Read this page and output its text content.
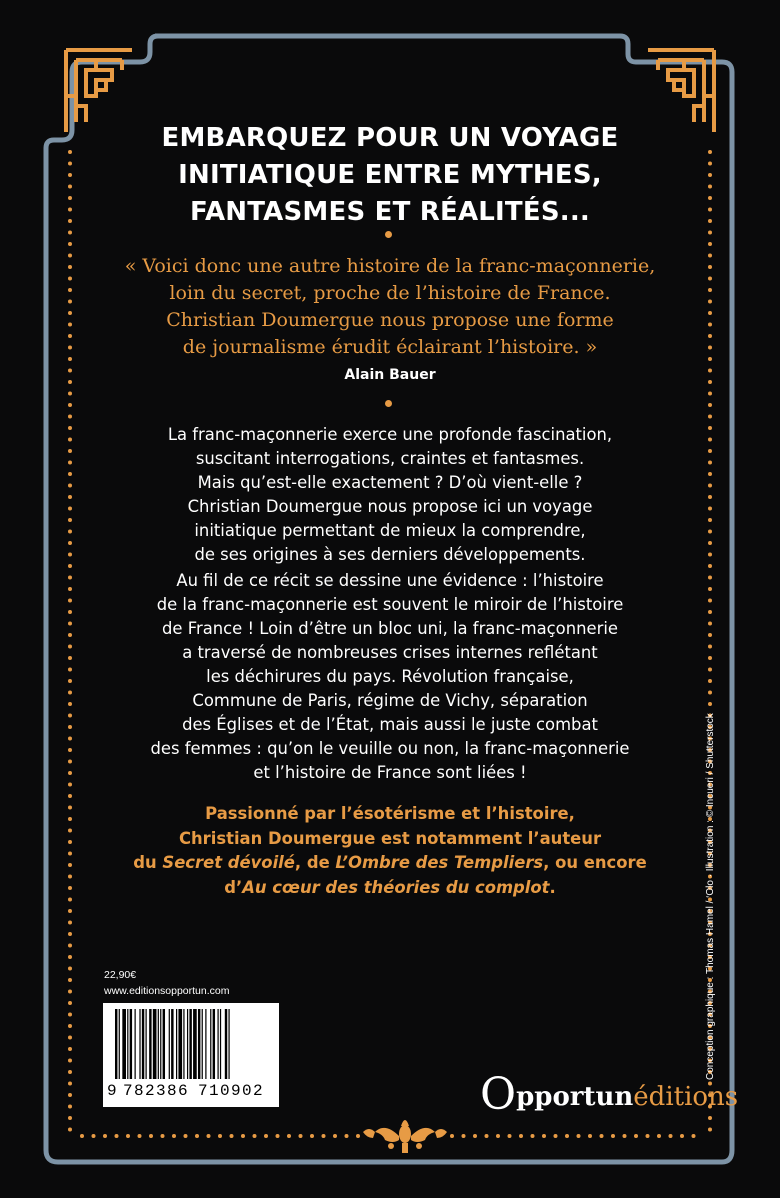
EMBARQUEZ POUR UN VOYAGE
INITIATIQUE ENTRE MYTHES,
FANTASMES ET RÉALITÉS...
« Voici donc une autre histoire de la franc-maçonnerie,
loin du secret, proche de l’histoire de France.
Christian Doumergue nous propose une forme
de journalisme érudit éclairant l’histoire. »
Alain Bauer
La franc-maçonnerie exerce une profonde fascination,
suscitant interrogations, craintes et fantasmes.
Mais qu’est-elle exactement ? D’où vient-elle ?
Christian Doumergue nous propose ici un voyage
initiatique permettant de mieux la comprendre,
de ses origines à ses derniers développements.
Au fil de ce récit se dessine une évidence : l’histoire
de la franc-maçonnerie est souvent le miroir de l’histoire
de France ! Loin d’être un bloc uni, la franc-maçonnerie
a traversé de nombreuses crises internes reflétant
les déchirures du pays. Révolution française,
Commune de Paris, régime de Vichy, séparation
des Églises et de l’État, mais aussi le juste combat
des femmes : qu’on le veuille ou non, la franc-maçonnerie
et l’histoire de France sont liées !
Passionné par l’ésotérisme et l’histoire,
Christian Doumergue est notamment l’auteur
du Secret dévoilé, de L’Ombre des Templiers, ou encore
d’Au cœur des théories du complot.
22,90€
www.editionsopportun.com
9 782386 710902
Conception graphique : Thomas Hamel / ‘Olo · Illustration : © Incueri / Shutterstock
Opportunéditions
